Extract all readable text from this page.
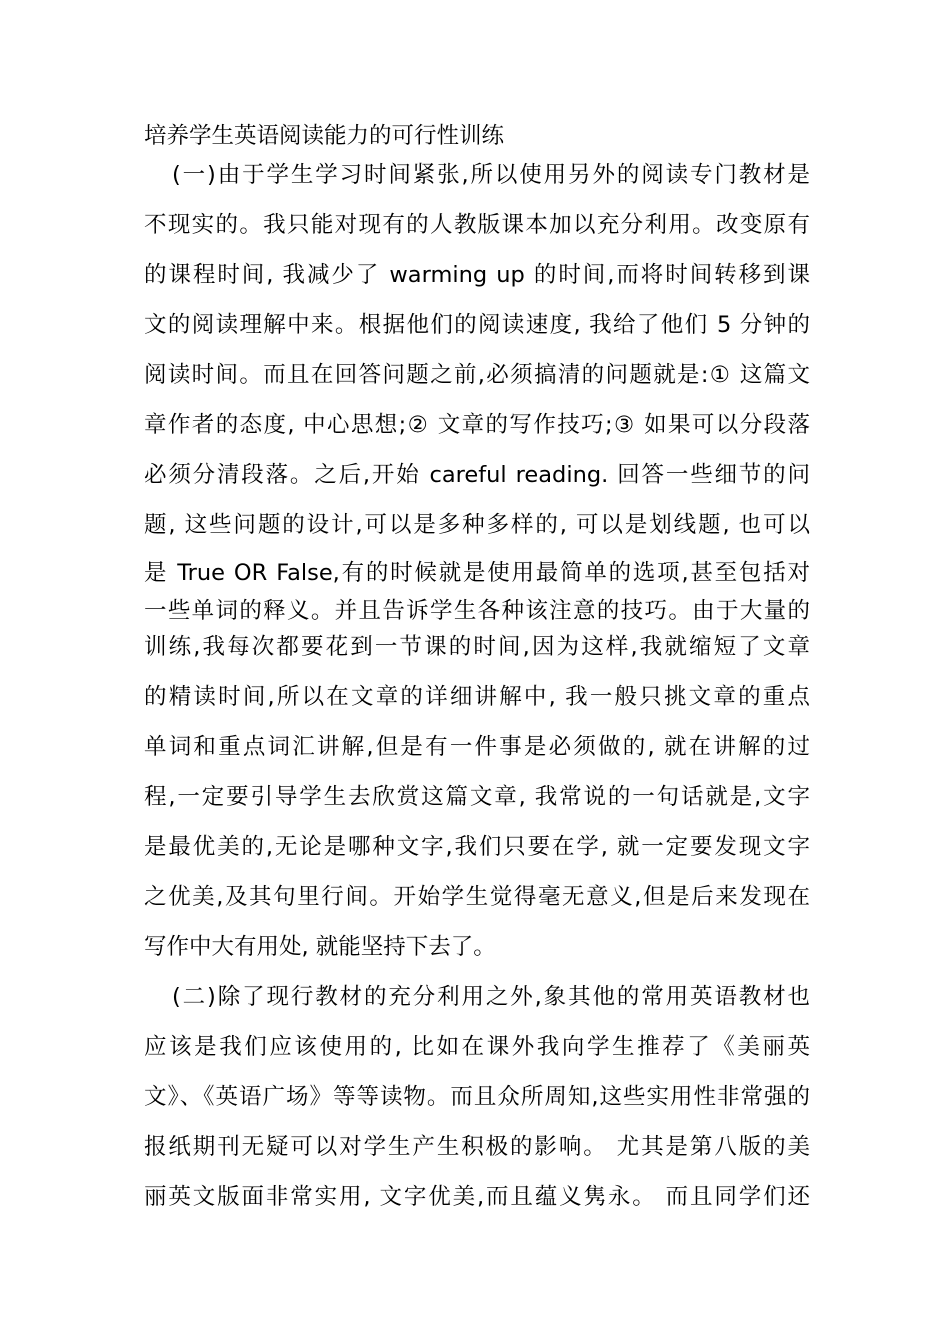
培养学生英语阅读能力的可行性训练
(一)由于学生学习时间紧张,所以使用另外的阅读专门教材是
不现实的。我只能对现有的人教版课本加以充分利用。改变原有
的课程时间, 我减少了 warming up 的时间,而将时间转移到课
文的阅读理解中来。根据他们的阅读速度, 我给了他们 5 分钟的
阅读时间。而且在回答问题之前,必须搞清的问题就是:① 这篇文
章作者的态度, 中心思想;② 文章的写作技巧;③ 如果可以分段落
必须分清段落。之后,开始 careful reading. 回答一些细节的问
题, 这些问题的设计,可以是多种多样的, 可以是划线题, 也可以
是 True OR False,有的时候就是使用最简单的选项,甚至包括对
一些单词的释义。并且告诉学生各种该注意的技巧。由于大量的
训练,我每次都要花到一节课的时间,因为这样,我就缩短了文章
的精读时间,所以在文章的详细讲解中, 我一般只挑文章的重点
单词和重点词汇讲解,但是有一件事是必须做的, 就在讲解的过
程,一定要引导学生去欣赏这篇文章, 我常说的一句话就是,文字
是最优美的,无论是哪种文字,我们只要在学, 就一定要发现文字
之优美,及其句里行间。开始学生觉得毫无意义,但是后来发现在
写作中大有用处, 就能坚持下去了。
(二)除了现行教材的充分利用之外,象其他的常用英语教材也
应该是我们应该使用的, 比如在课外我向学生推荐了《美丽英
文》、《英语广场》等等读物。而且众所周知,这些实用性非常强的
报纸期刊无疑可以对学生产生积极的影响。 尤其是第八版的美
丽英文版面非常实用, 文字优美,而且蕴义隽永。 而且同学们还
